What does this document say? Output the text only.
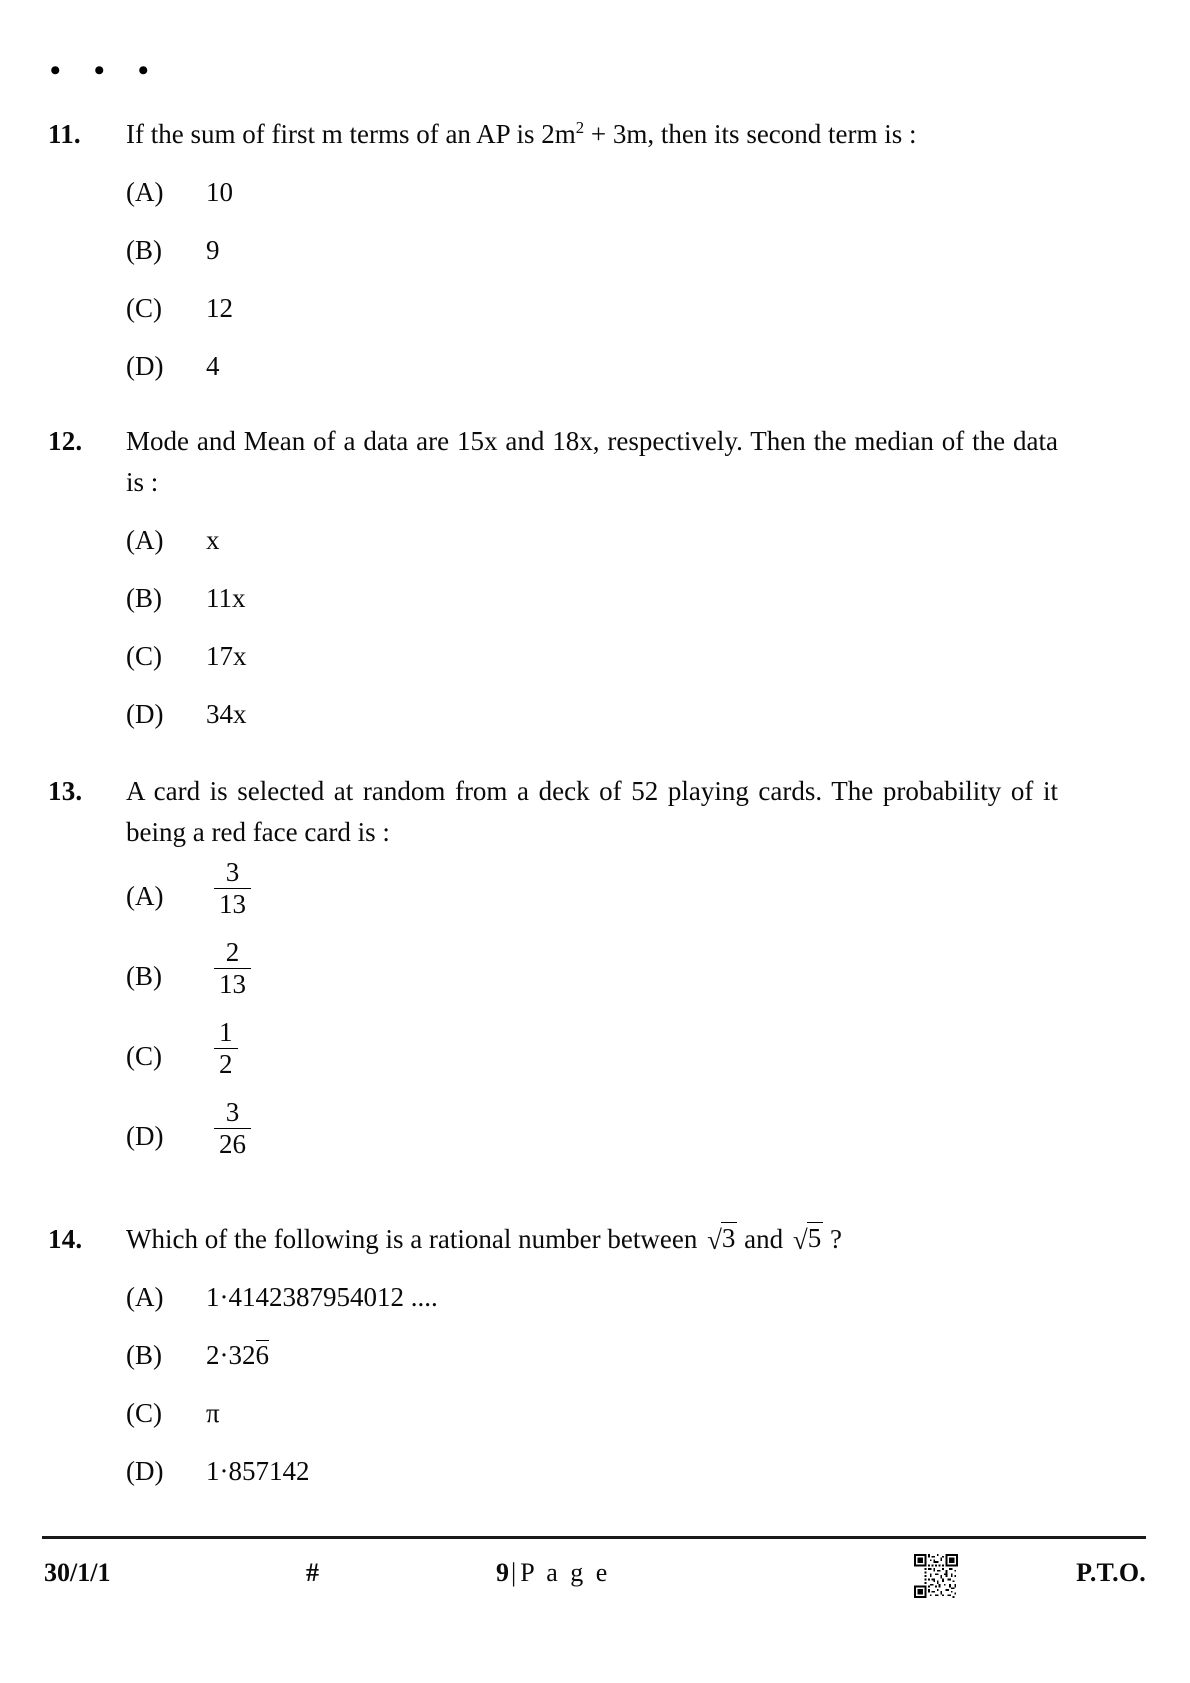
• • •
11.	If the sum of first m terms of an AP is $2m^2 + 3m$, then its second term is :
(A)	10
(B)	9
(C)	12
(D)	4
12.	Mode and Mean of a data are 15x and 18x, respectively. Then the median of the data is :
(A)	x
(B)	11x
(C)	17x
(D)	34x
13.	A card is selected at random from a deck of 52 playing cards. The probability of it being a red face card is :
(A)	$\frac{3}{13}$
(B)	$\frac{2}{13}$
(C)	$\frac{1}{2}$
(D)	$\frac{3}{26}$
14.	Which of the following is a rational number between √3 and √5 ?
(A)	1·4142387954012 ....
(B)	2·326
(C)	π
(D)	1·857142
30/1/1	#	9| P a g e	P.T.O.
